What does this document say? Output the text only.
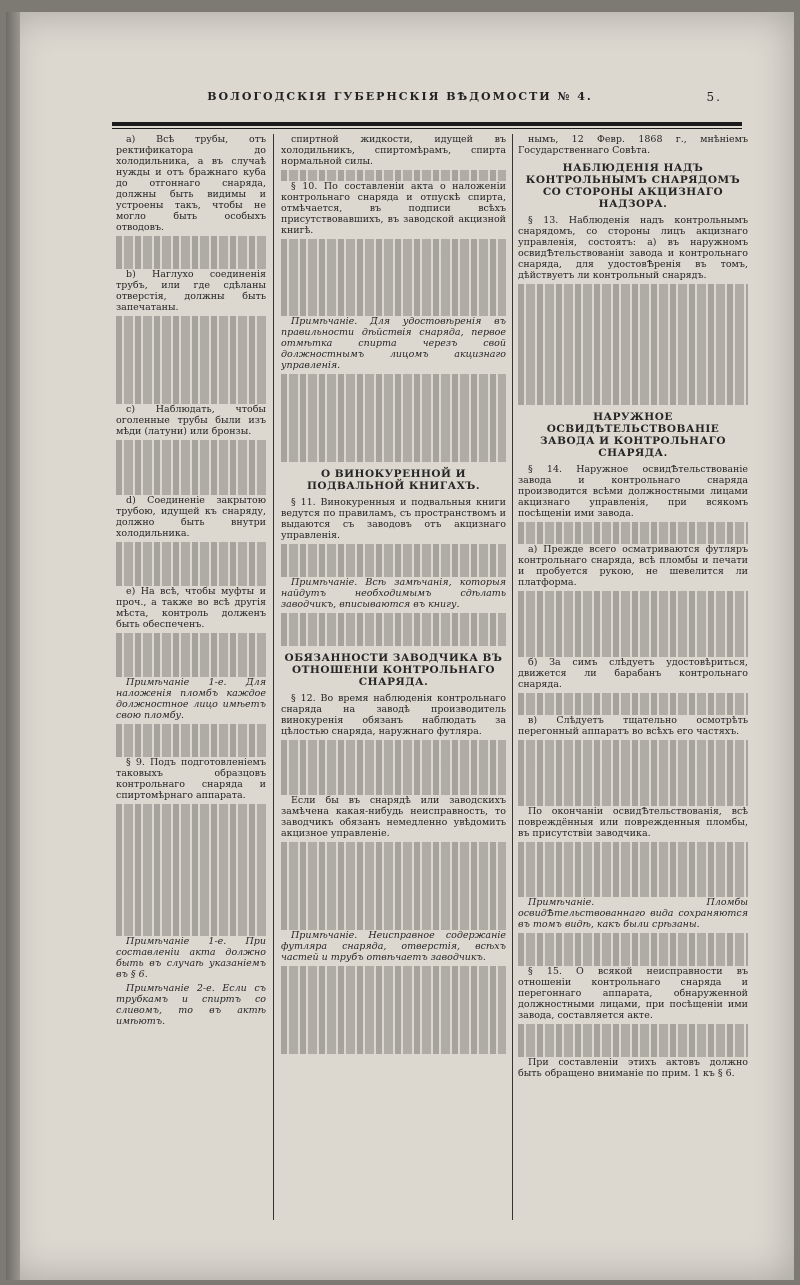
ВОЛОГОДСКІЯ ГУБЕРНСКІЯ ВѢДОМОСТИ № 4.	5.

a) Всѣ трубы, отъ ректификатора до холодильника, а въ случаѣ нужды и отъ бражнаго куба до отгоннаго снаряда, должны быть видимы и устроены такъ, чтобы не могло быть особыхъ отводовъ.

b) Наглухо соединенія трубъ, или где сдѣланы отверстія, должны быть запечатаны.

c) Наблюдать, чтобы оголенные трубы были изъ мѣди (латуни) или бронзы.

d) Соединеніе закрытою трубою, идущей къ снаряду, должно быть внутри холодильника.

e) На всѣ, чтобы муфты и проч., а также во всѣ другія мѣста, контроль долженъ быть обеспеченъ.

Примѣчаніе 1-е. Для наложенія пломбъ каждое должностное лицо имѣетъ свою пломбу.

§ 9. Подъ подготовленіемъ таковыхъ образцовъ контрольнаго снаряда и спиртомѣрнаго аппарата.

Примѣчаніе 1-е. При составленіи акта должно быть въ случаѣ указаніемъ въ § 6.

Примѣчаніе 2-е. Если съ трубкамъ и спиртъ со сливомъ, то въ актѣ имѣютъ.

спиртной жидкости, идущей въ холодильникъ, спиртомѣрамъ, спирта нормальной силы.

§ 10. По составленіи акта о наложеніи контрольнаго снаряда и отпускѣ спирта, отмѣчается, въ подписи всѣхъ присутствовавшихъ, въ заводской акцизной книгѣ.

Примѣчаніе. Для удостовѣренія въ правильности дѣйствія снаряда, первое отмѣтка спирта черезъ свой должностнымъ лицомъ акцизнаго управленія.

О ВИНОКУРЕННОЙ И ПОДВАЛЬНОЙ КНИГАХЪ.

§ 11. Винокуренныя и подвальныя книги ведутся по правиламъ, съ пространствомъ и выдаются съ заводовъ отъ акцизнаго управленія.

Примѣчаніе. Всѣ замѣчанія, которыя найдутъ необходимымъ сдѣлать заводчикъ, вписываются въ книгу.

ОБЯЗАННОСТИ ЗАВОДЧИКА ВЪ ОТНОШЕНІИ КОНТРОЛЬНАГО СНАРЯДА.

§ 12. Во время наблюденія контрольнаго снаряда на заводѣ производитель винокуренія обязанъ наблюдать за цѣлостью снаряда, наружнаго футляра.

Если бы въ снарядѣ или заводскихъ замѣчена какая-нибудь неисправность, то заводчикъ обязанъ немедленно увѣдомить акцизное управленіе.

Примѣчаніе. Неисправное содержаніе футляра снаряда, отверстія, всѣхъ частей и трубъ отвѣчаетъ заводчикъ.

нымъ, 12 Февр. 1868 г., мнѣніемъ Государственнаго Совѣта.

НАБЛЮДЕНІЯ НАДЪ КОНТРОЛЬНЫМЪ СНАРЯДОМЪ СО СТОРОНЫ АКЦИЗНАГО НАДЗОРА.

§ 13. Наблюденія надъ контрольнымъ снарядомъ, со стороны лицъ акцизнаго управленія, состоятъ: а) въ наружномъ освидѢтельствованіи завода и контрольнаго снаряда, для удостовѢренія въ томъ, дѣйствуетъ ли контрольный снарядъ.

НАРУЖНОЕ ОСВИДѢТЕЛЬСТВОВАНІЕ ЗАВОДА И КОНТРОЛЬНАГО СНАРЯДА.

§ 14. Наружное освидѢтельствованіе завода и контрольнаго снаряда производится всѣми должностными лицами акцизнаго управленія, при всякомъ посѣщеніи ими завода.

а) Прежде всего осматриваются футляръ контрольнаго снаряда, всѣ пломбы и печати и пробуется рукою, не шевелится ли платформа.

б) За симъ слѣдуетъ удостовѣриться, движется ли барабанъ контрольнаго снаряда.

в) Слѣдуетъ тщательно осмотрѣть перегонный аппаратъ во всѣхъ его частяхъ.

По окончаніи освидѢтельствованія, всѣ повреждённыя или поврежденныя пломбы, въ присутствіи заводчика.

Примѣчаніе. Пломбы освидѢтельствованнаго вида сохраняются въ томъ видѣ, какъ были срѣзаны.

§ 15. О всякой неисправности въ отношеніи контрольнаго снаряда и перегоннаго аппарата, обнаруженной должностными лицами, при посѣщеніи ими завода, составляется акте.

При составленіи этихъ актовъ должно быть обращено вниманіе по прим. 1 къ § 6.
